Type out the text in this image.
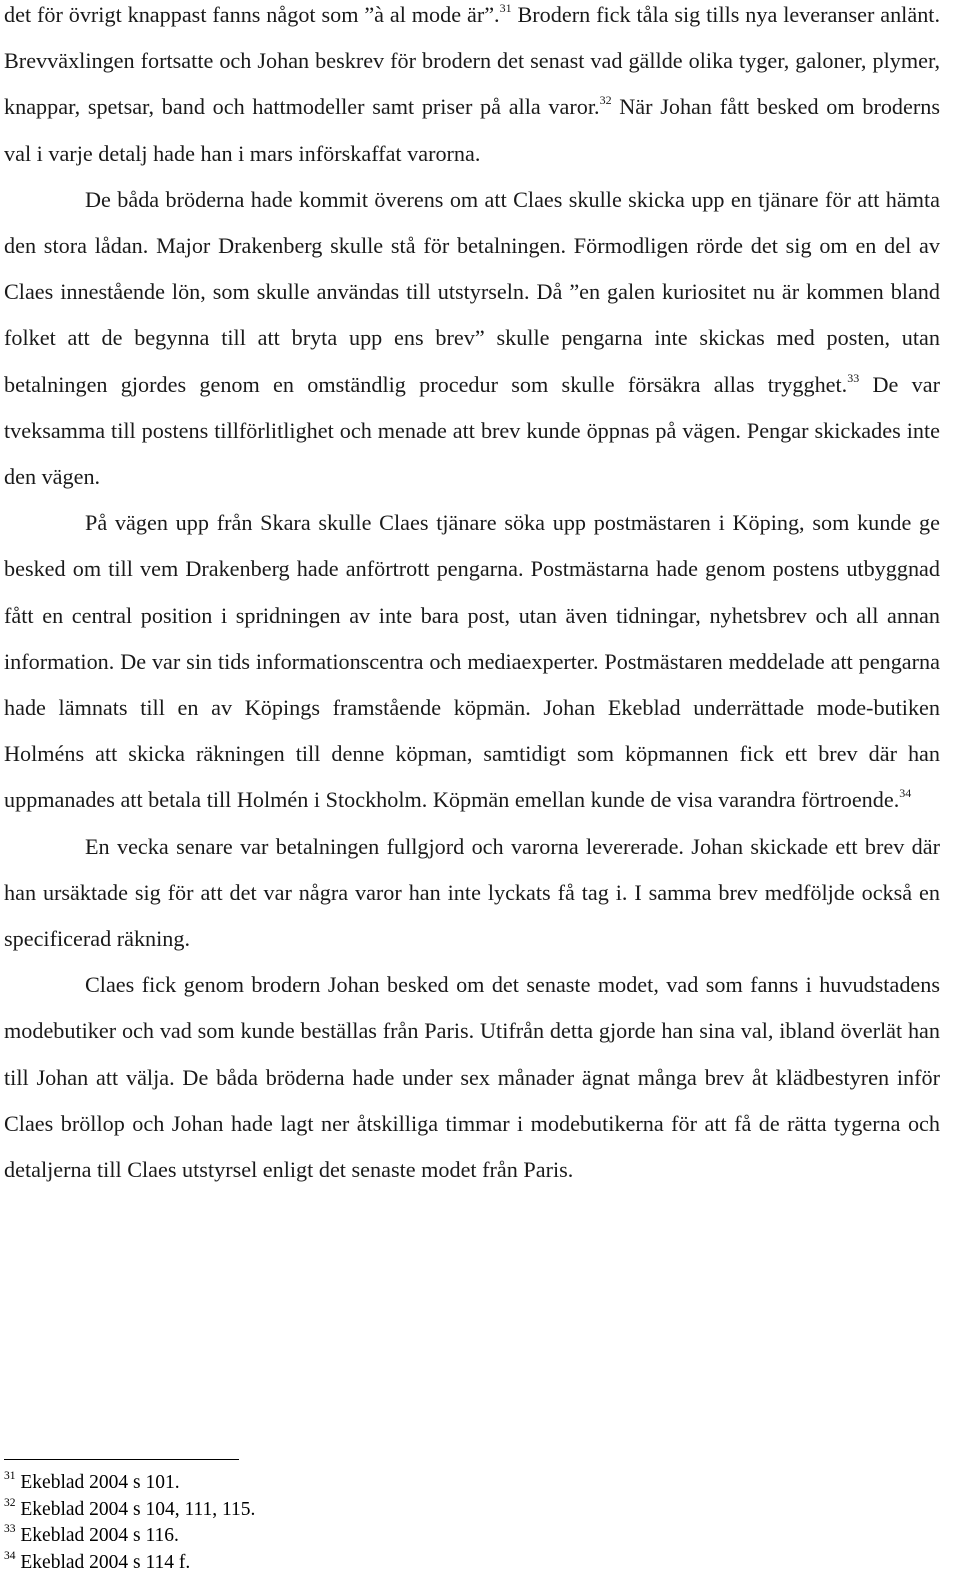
det för övrigt knappast fanns något som ”à al mode är”.$^{31}$ Brodern fick tåla sig tills nya leveranser anlänt. Brevväxlingen fortsatte och Johan beskrev för brodern det senast vad gällde olika tyger, galoner, plymer, knappar, spetsar, band och hattmodeller samt priser på alla varor.$^{32}$ När Johan fått besked om broderns val i varje detalj hade han i mars införskaffat varorna.

De båda bröderna hade kommit överens om att Claes skulle skicka upp en tjänare för att hämta den stora lådan. Major Drakenberg skulle stå för betalningen. Förmodligen rörde det sig om en del av Claes innestående lön, som skulle användas till utstyrseln. Då ”en galen kuriositet nu är kommen bland folket att de begynna till att bryta upp ens brev” skulle pengarna inte skickas med posten, utan betalningen gjordes genom en omständlig procedur som skulle försäkra allas trygghet.$^{33}$ De var tveksamma till postens tillförlitlighet och menade att brev kunde öppnas på vägen. Pengar skickades inte den vägen.

På vägen upp från Skara skulle Claes tjänare söka upp postmästaren i Köping, som kunde ge besked om till vem Drakenberg hade anförtrott pengarna. Postmästarna hade genom postens utbyggnad fått en central position i spridningen av inte bara post, utan även tidningar, nyhetsbrev och all annan information. De var sin tids informationscentra och mediaexperter. Postmästaren meddelade att pengarna hade lämnats till en av Köpings framstående köpmän. Johan Ekeblad underrättade mode-butiken Holméns att skicka räkningen till denne köpman, samtidigt som köpmannen fick ett brev där han uppmanades att betala till Holmén i Stockholm. Köpmän emellan kunde de visa varandra förtroende.$^{34}$

En vecka senare var betalningen fullgjord och varorna levererade. Johan skickade ett brev där han ursäktade sig för att det var några varor han inte lyckats få tag i. I samma brev medföljde också en specificerad räkning.

Claes fick genom brodern Johan besked om det senaste modet, vad som fanns i huvudstadens modebutiker och vad som kunde beställas från Paris. Utifrån detta gjorde han sina val, ibland överlät han till Johan att välja. De båda bröderna hade under sex månader ägnat många brev åt klädbestyren inför Claes bröllop och Johan hade lagt ner åtskilliga timmar i modebutikerna för att få de rätta tygerna och detaljerna till Claes utstyrsel enligt det senaste modet från Paris.

$^{31}$ Ekeblad 2004 s 101.

$^{32}$ Ekeblad 2004 s 104, 111, 115.

$^{33}$ Ekeblad 2004 s 116.

$^{34}$ Ekeblad 2004 s 114 f.
